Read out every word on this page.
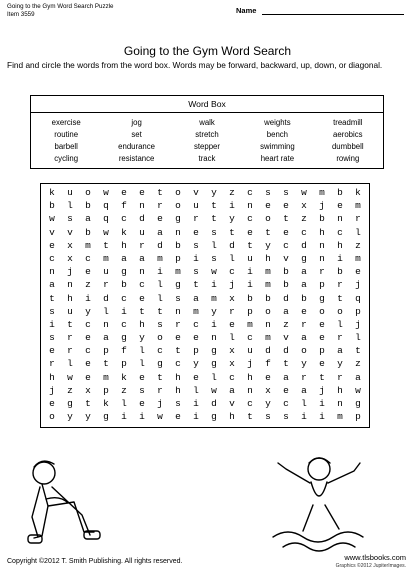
Going to the Gym Word Search Puzzle
Item 3559	Name
Going to the Gym Word Search
Find and circle the words from the word box. Words may be forward, backward, up, down, or diagonal.
Word Box
exercise	jog	walk	weights	treadmill
routine	set	stretch	bench	aerobics
barbell	endurance	stepper	swimming	dumbbell
cycling	resistance	track	heart rate	rowing
k	u	o	w	e	e	t	o	v	y	z	c	s	s	w	m	b	k
b	l	b	q	f	n	r	o	u	t	i	n	e	e	x	j	e	m
w	s	a	q	c	d	e	g	r	t	y	c	o	t	z	b	n	r
v	v	b	w	k	u	a	n	e	s	t	e	t	e	c	h	c	l
e	x	m	t	h	r	d	b	s	l	d	t	y	c	d	n	h	z
c	x	c	m	a	a	m	p	i	s	l	u	h	v	g	n	i	m
n	j	e	u	g	n	i	m	s	w	c	i	m	b	a	r	b	e
a	n	z	r	b	c	l	g	t	i	j	i	m	b	a	p	r	j
t	h	i	d	c	e	l	s	a	m	x	b	b	d	b	g	t	q
s	u	y	l	i	t	t	n	m	y	r	p	o	a	e	o	o	p
i	t	c	n	c	h	s	r	c	i	e	m	n	z	r	e	l	j
s	r	e	a	g	y	o	e	e	n	l	c	m	v	a	e	r	l
e	r	c	p	f	l	c	t	p	g	x	u	d	d	o	p	a	t
r	l	e	t	p	l	g	c	y	g	x	j	f	t	y	e	y	z
h	w	e	m	k	e	t	h	e	l	c	h	e	a	r	t	r	a
j	z	x	p	z	s	r	h	l	w	a	n	x	e	a	j	h	w
e	g	t	k	l	e	j	s	i	d	v	c	y	c	l	i	n	g
o	y	y	g	i	i	w	e	i	g	h	t	s	s	i	i	m	p
Copyright ©2012 T. Smith Publishing. All rights reserved.	www.tlsbooks.com
Graphics ©2012 JupiterImages.
